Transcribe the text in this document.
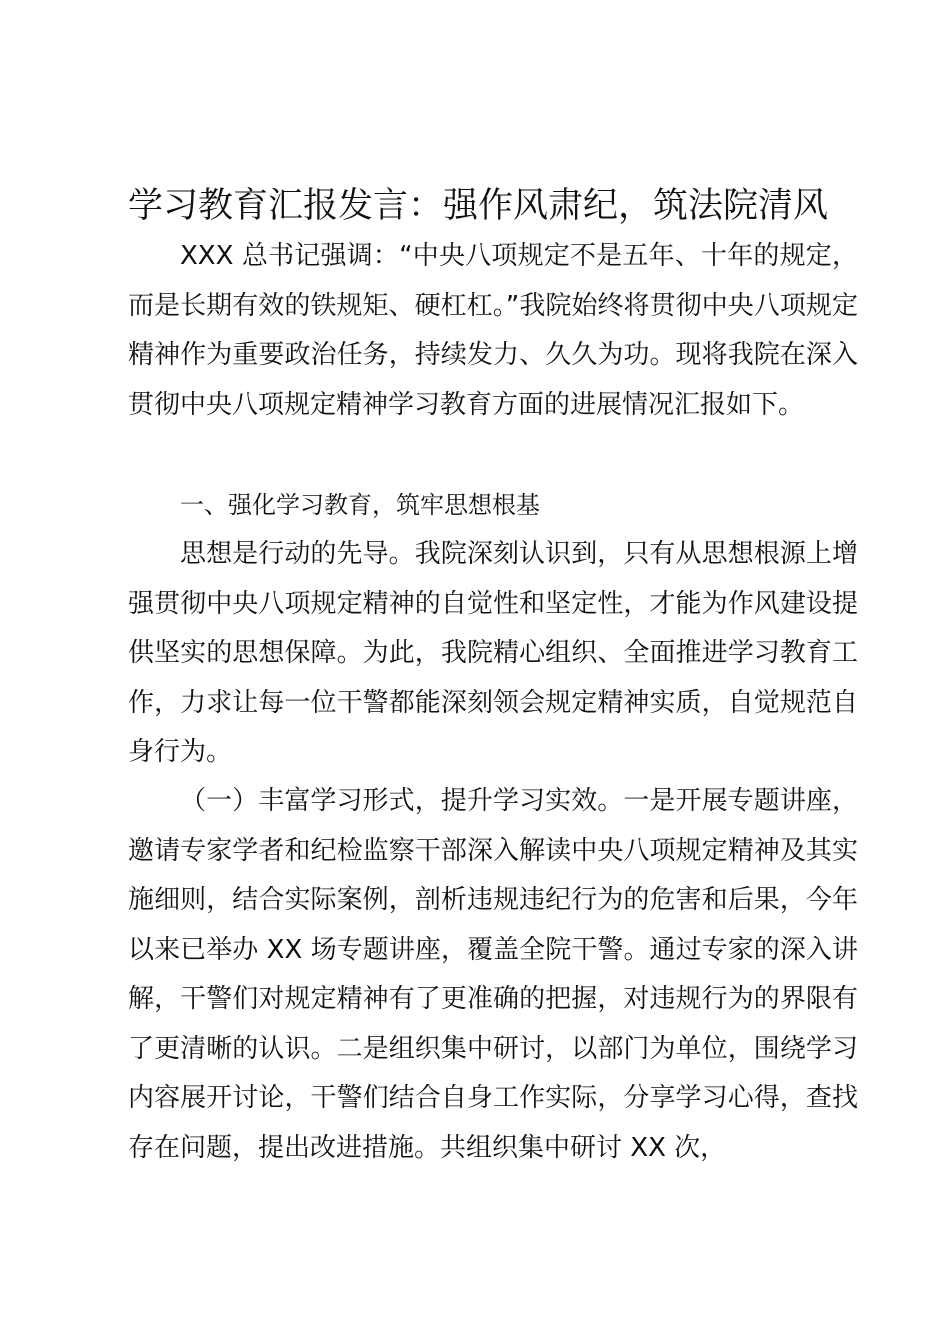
学习教育汇报发言：强作风肃纪，筑法院清风

XXX 总书记强调：“中央八项规定不是五年、十年的规定，而是长期有效的铁规矩、硬杠杠。”我院始终将贯彻中央八项规定精神作为重要政治任务，持续发力、久久为功。现将我院在深入贯彻中央八项规定精神学习教育方面的进展情况汇报如下。

一、强化学习教育，筑牢思想根基

思想是行动的先导。我院深刻认识到，只有从思想根源上增强贯彻中央八项规定精神的自觉性和坚定性，才能为作风建设提供坚实的思想保障。为此，我院精心组织、全面推进学习教育工作，力求让每一位干警都能深刻领会规定精神实质，自觉规范自身行为。

（一）丰富学习形式，提升学习实效。一是开展专题讲座，邀请专家学者和纪检监察干部深入解读中央八项规定精神及其实施细则，结合实际案例，剖析违规违纪行为的危害和后果，今年以来已举办 XX 场专题讲座，覆盖全院干警。通过专家的深入讲解，干警们对规定精神有了更准确的把握，对违规行为的界限有了更清晰的认识。二是组织集中研讨，以部门为单位，围绕学习内容展开讨论，干警们结合自身工作实际，分享学习心得，查找存在问题，提出改进措施。共组织集中研讨 XX 次，
